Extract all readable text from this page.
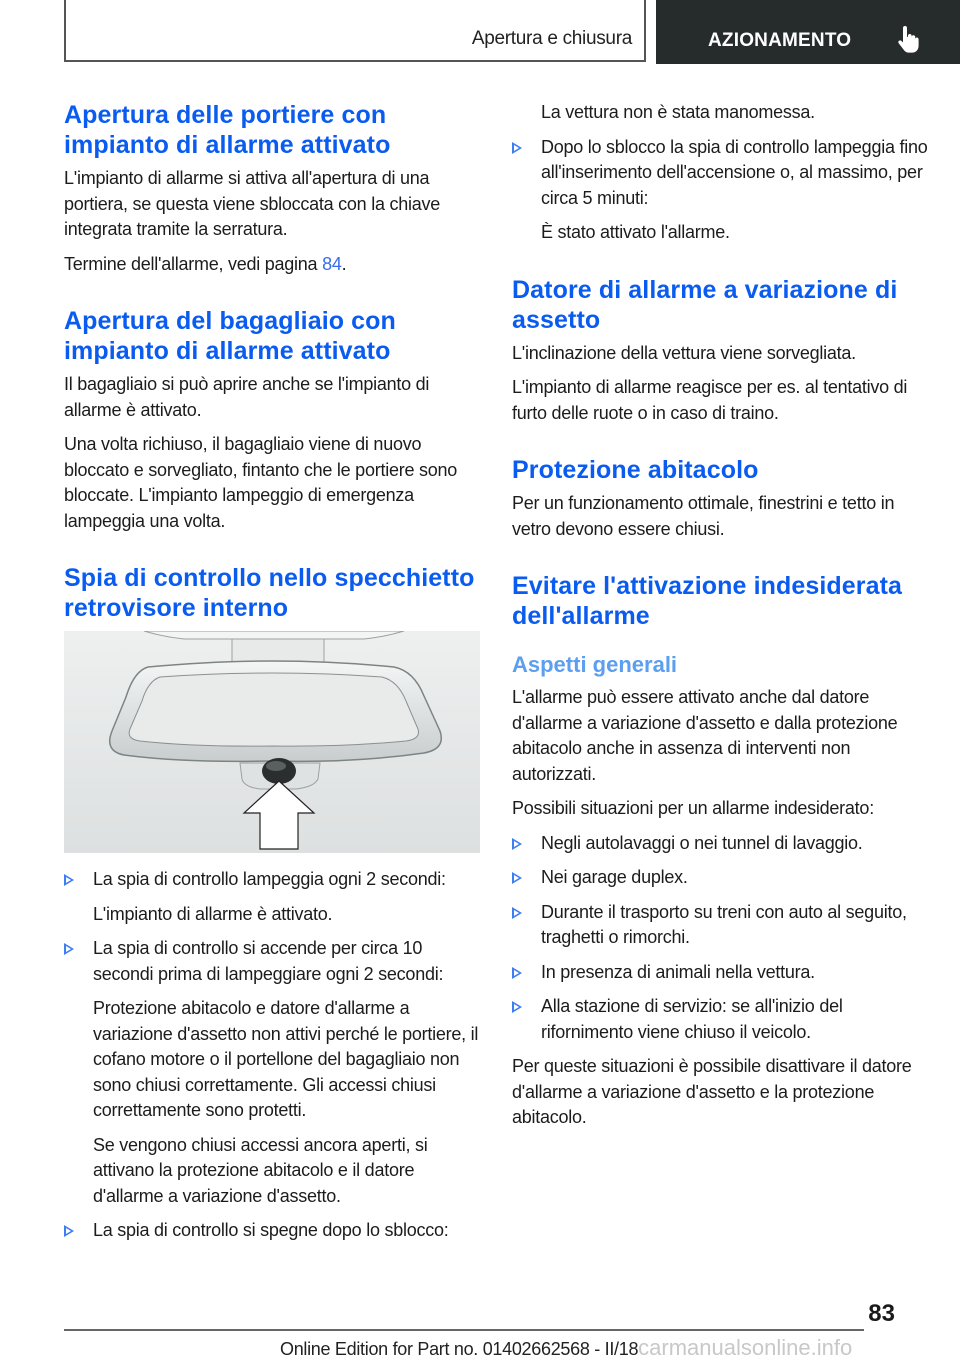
Apertura e chiusura	AZIONAMENTO
Apertura delle portiere con impianto di allarme attivato

L'impianto di allarme si attiva all'apertura di una portiera, se questa viene sbloccata con la chiave integrata tramite la serratura.

Termine dell'allarme, vedi pagina 84.

Apertura del bagagliaio con impianto di allarme attivato

Il bagagliaio si può aprire anche se l'impianto di allarme è attivato.

Una volta richiuso, il bagagliaio viene di nuovo bloccato e sorvegliato, fintanto che le portiere sono bloccate. L'impianto lampeggio di emergenza lampeggia una volta.

Spia di controllo nello specchietto retrovisore interno

La spia di controllo lampeggia ogni 2 secondi:

L'impianto di allarme è attivato.

La spia di controllo si accende per circa 10 secondi prima di lampeggiare ogni 2 secondi:

Protezione abitacolo e datore d'allarme a variazione d'assetto non attivi perché le portiere, il cofano motore o il portellone del bagagliaio non sono chiusi correttamente. Gli accessi chiusi correttamente sono protetti.

Se vengono chiusi accessi ancora aperti, si attivano la protezione abitacolo e il datore d'allarme a variazione d'assetto.

La spia di controllo si spegne dopo lo sblocco:

La vettura non è stata manomessa.

Dopo lo sblocco la spia di controllo lampeggia fino all'inserimento dell'accensione o, al massimo, per circa 5 minuti:

È stato attivato l'allarme.

Datore di allarme a variazione di assetto

L'inclinazione della vettura viene sorvegliata.

L'impianto di allarme reagisce per es. al tentativo di furto delle ruote o in caso di traino.

Protezione abitacolo

Per un funzionamento ottimale, finestrini e tetto in vetro devono essere chiusi.

Evitare l'attivazione indesiderata dell'allarme
Aspetti generali

L'allarme può essere attivato anche dal datore d'allarme a variazione d'assetto e dalla protezione abitacolo anche in assenza di interventi non autorizzati.

Possibili situazioni per un allarme indesiderato:

Negli autolavaggi o nei tunnel di lavaggio.

Nei garage duplex.

Durante il trasporto su treni con auto al seguito, traghetti o rimorchi.

In presenza di animali nella vettura.

Alla stazione di servizio: se all'inizio del rifornimento viene chiuso il veicolo.

Per queste situazioni è possibile disattivare il datore d'allarme a variazione d'assetto e la protezione abitacolo.

83
Online Edition for Part no. 01402662568 - II/18carmanualsonline.info
